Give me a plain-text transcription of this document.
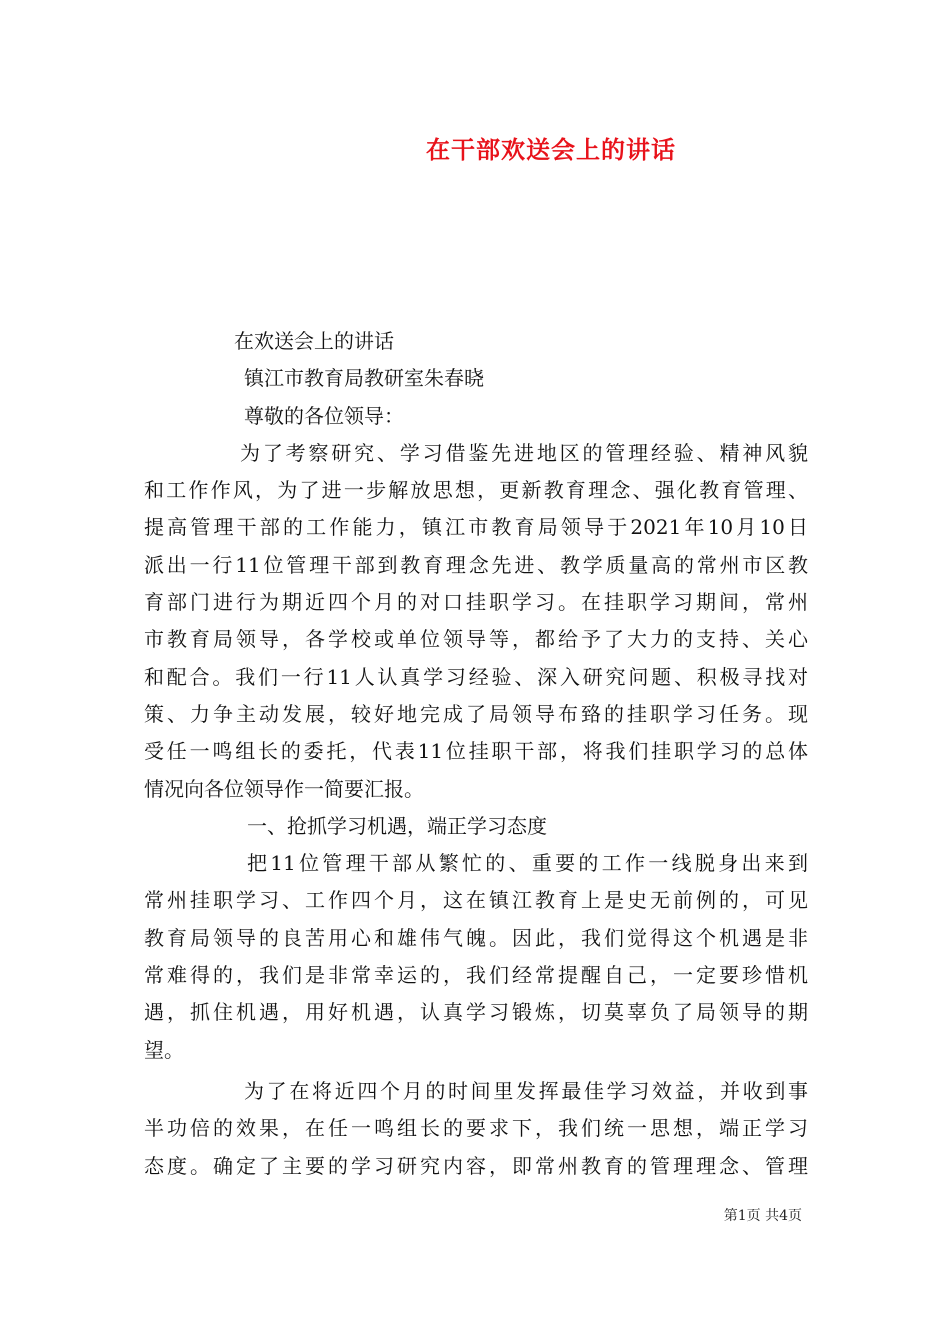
在干部欢送会上的讲话
在欢送会上的讲话
镇江市教育局教研室朱春晓
尊敬的各位领导：
为了考察研究、学习借鉴先进地区的管理经验、精神风貌
和工作作风，为了进一步解放思想，更新教育理念、强化教育管理、
提高管理干部的工作能力，镇江市教育局领导于2021年10月10日
派出一行11位管理干部到教育理念先进、教学质量高的常州市区教
育部门进行为期近四个月的对口挂职学习。在挂职学习期间，常州
市教育局领导，各学校或单位领导等，都给予了大力的支持、关心
和配合。我们一行11人认真学习经验、深入研究问题、积极寻找对
策、力争主动发展，较好地完成了局领导布臵的挂职学习任务。现
受任一鸣组长的委托，代表11位挂职干部，将我们挂职学习的总体
情况向各位领导作一简要汇报。
一、抢抓学习机遇，端正学习态度
把11位管理干部从繁忙的、重要的工作一线脱身出来到
常州挂职学习、工作四个月，这在镇江教育上是史无前例的，可见
教育局领导的良苦用心和雄伟气魄。因此，我们觉得这个机遇是非
常难得的，我们是非常幸运的，我们经常提醒自己，一定要珍惜机
遇，抓住机遇，用好机遇，认真学习锻炼，切莫辜负了局领导的期
望。
为了在将近四个月的时间里发挥最佳学习效益，并收到事
半功倍的效果，在任一鸣组长的要求下，我们统一思想，端正学习
态度。确定了主要的学习研究内容，即常州教育的管理理念、管理
第1页 共4页
